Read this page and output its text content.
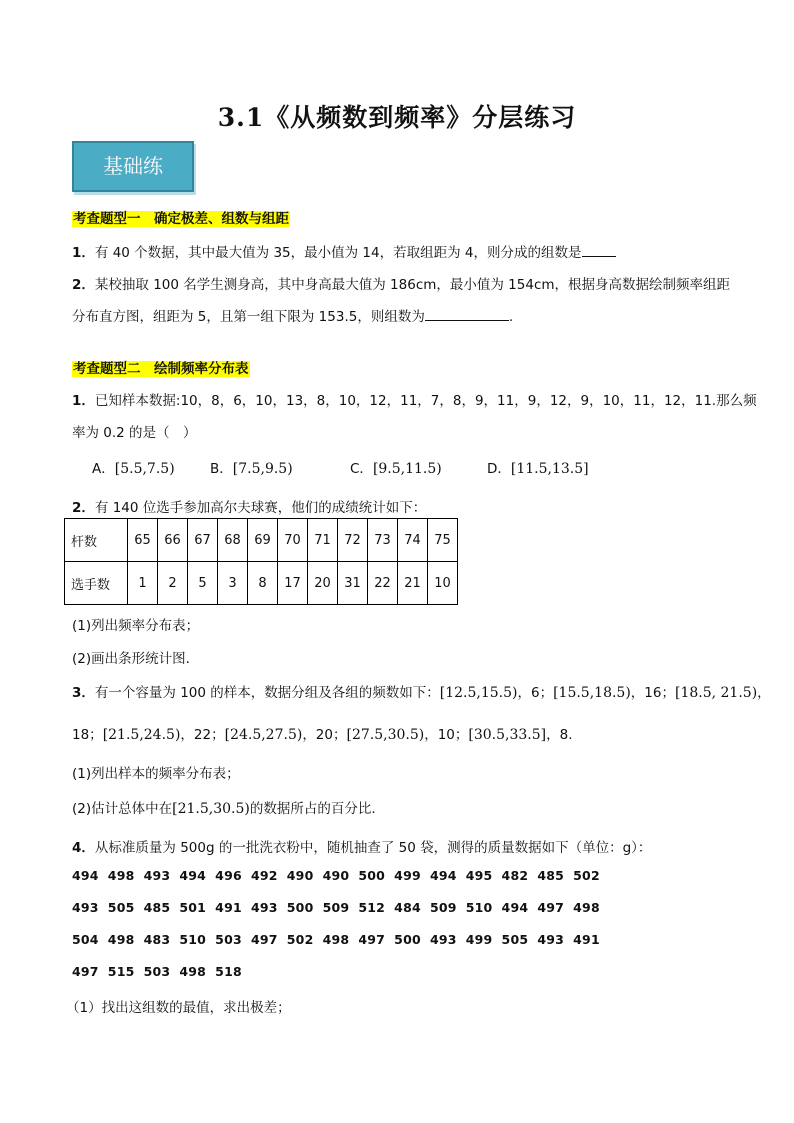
3.1《从频数到频率》分层练习
基础练
考查题型一　确定极差、组数与组距
1．有 40 个数据，其中最大值为 35，最小值为 14，若取组距为 4，则分成的组数是
2．某校抽取 100 名学生测身高，其中身高最大值为 186cm，最小值为 154cm，根据身高数据绘制频率组距
分布直方图，组距为 5，且第一组下限为 153.5，则组数为	.
考查题型二　绘制频率分布表
1．已知样本数据:10，8，6，10，13，8，10，12，11，7，8，9，11，9，12，9，10，11，12，11.那么频
率为 0.2 的是（　）
A．[5.5,7.5)	B．[7.5,9.5)	C．[9.5,11.5)	D．[11.5,13.5]
2．有 140 位选手参加高尔夫球赛，他们的成绩统计如下：
杆数	65	66	67	68	69	70	71	72	73	74	75
选手数	1	2	5	3	8	17	20	31	22	21	10
(1)列出频率分布表；
(2)画出条形统计图.
3．有一个容量为 100 的样本，数据分组及各组的频数如下：[12.5,15.5)，6；[15.5,18.5)，16；[18.5, 21.5)，
18；[21.5,24.5)，22；[24.5,27.5)，20；[27.5,30.5)，10；[30.5,33.5]，8.
(1)列出样本的频率分布表；
(2)估计总体中在[21.5,30.5)的数据所占的百分比.
4．从标准质量为 500g 的一批洗衣粉中，随机抽查了 50 袋，测得的质量数据如下（单位：g）：
494  498  493  494  496  492  490  490  500  499  494  495  482  485  502
493  505  485  501  491  493  500  509  512  484  509  510  494  497  498
504  498  483  510  503  497  502  498  497  500  493  499  505  493  491
497  515  503  498  518
（1）找出这组数的最值，求出极差；
